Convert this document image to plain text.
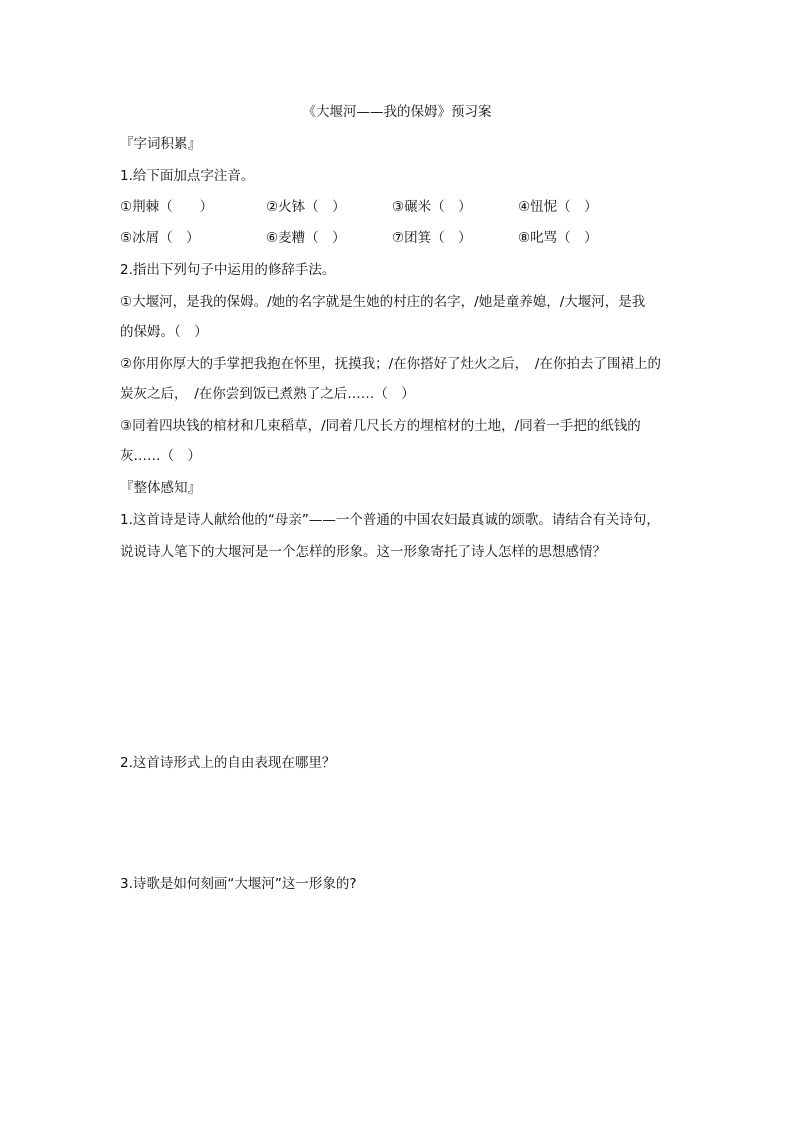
《大堰河——我的保姆》预习案
『字词积累』
1.给下面加点字注音。
①荆棘（　　）	②火钵（　）	③碾米（　）	④忸怩（　）
⑤冰屑（　）	⑥麦糟（　）	⑦团箕（　）	⑧叱骂（　）
2.指出下列句子中运用的修辞手法。
①大堰河，是我的保姆。/她的名字就是生她的村庄的名字，/她是童养媳，/大堰河，是我
的保姆。（　）
②你用你厚大的手掌把我抱在怀里，抚摸我；/在你搭好了灶火之后，　/在你拍去了围裙上的
炭灰之后，　/在你尝到饭已煮熟了之后……（　）
③同着四块钱的棺材和几束稻草，/同着几尺长方的埋棺材的土地，/同着一手把的纸钱的
灰……（　）
『整体感知』
1.这首诗是诗人献给他的“母亲”——一个普通的中国农妇最真诚的颂歌。请结合有关诗句，
说说诗人笔下的大堰河是一个怎样的形象。这一形象寄托了诗人怎样的思想感情？
2.这首诗形式上的自由表现在哪里？
3.诗歌是如何刻画“大堰河”这一形象的?
